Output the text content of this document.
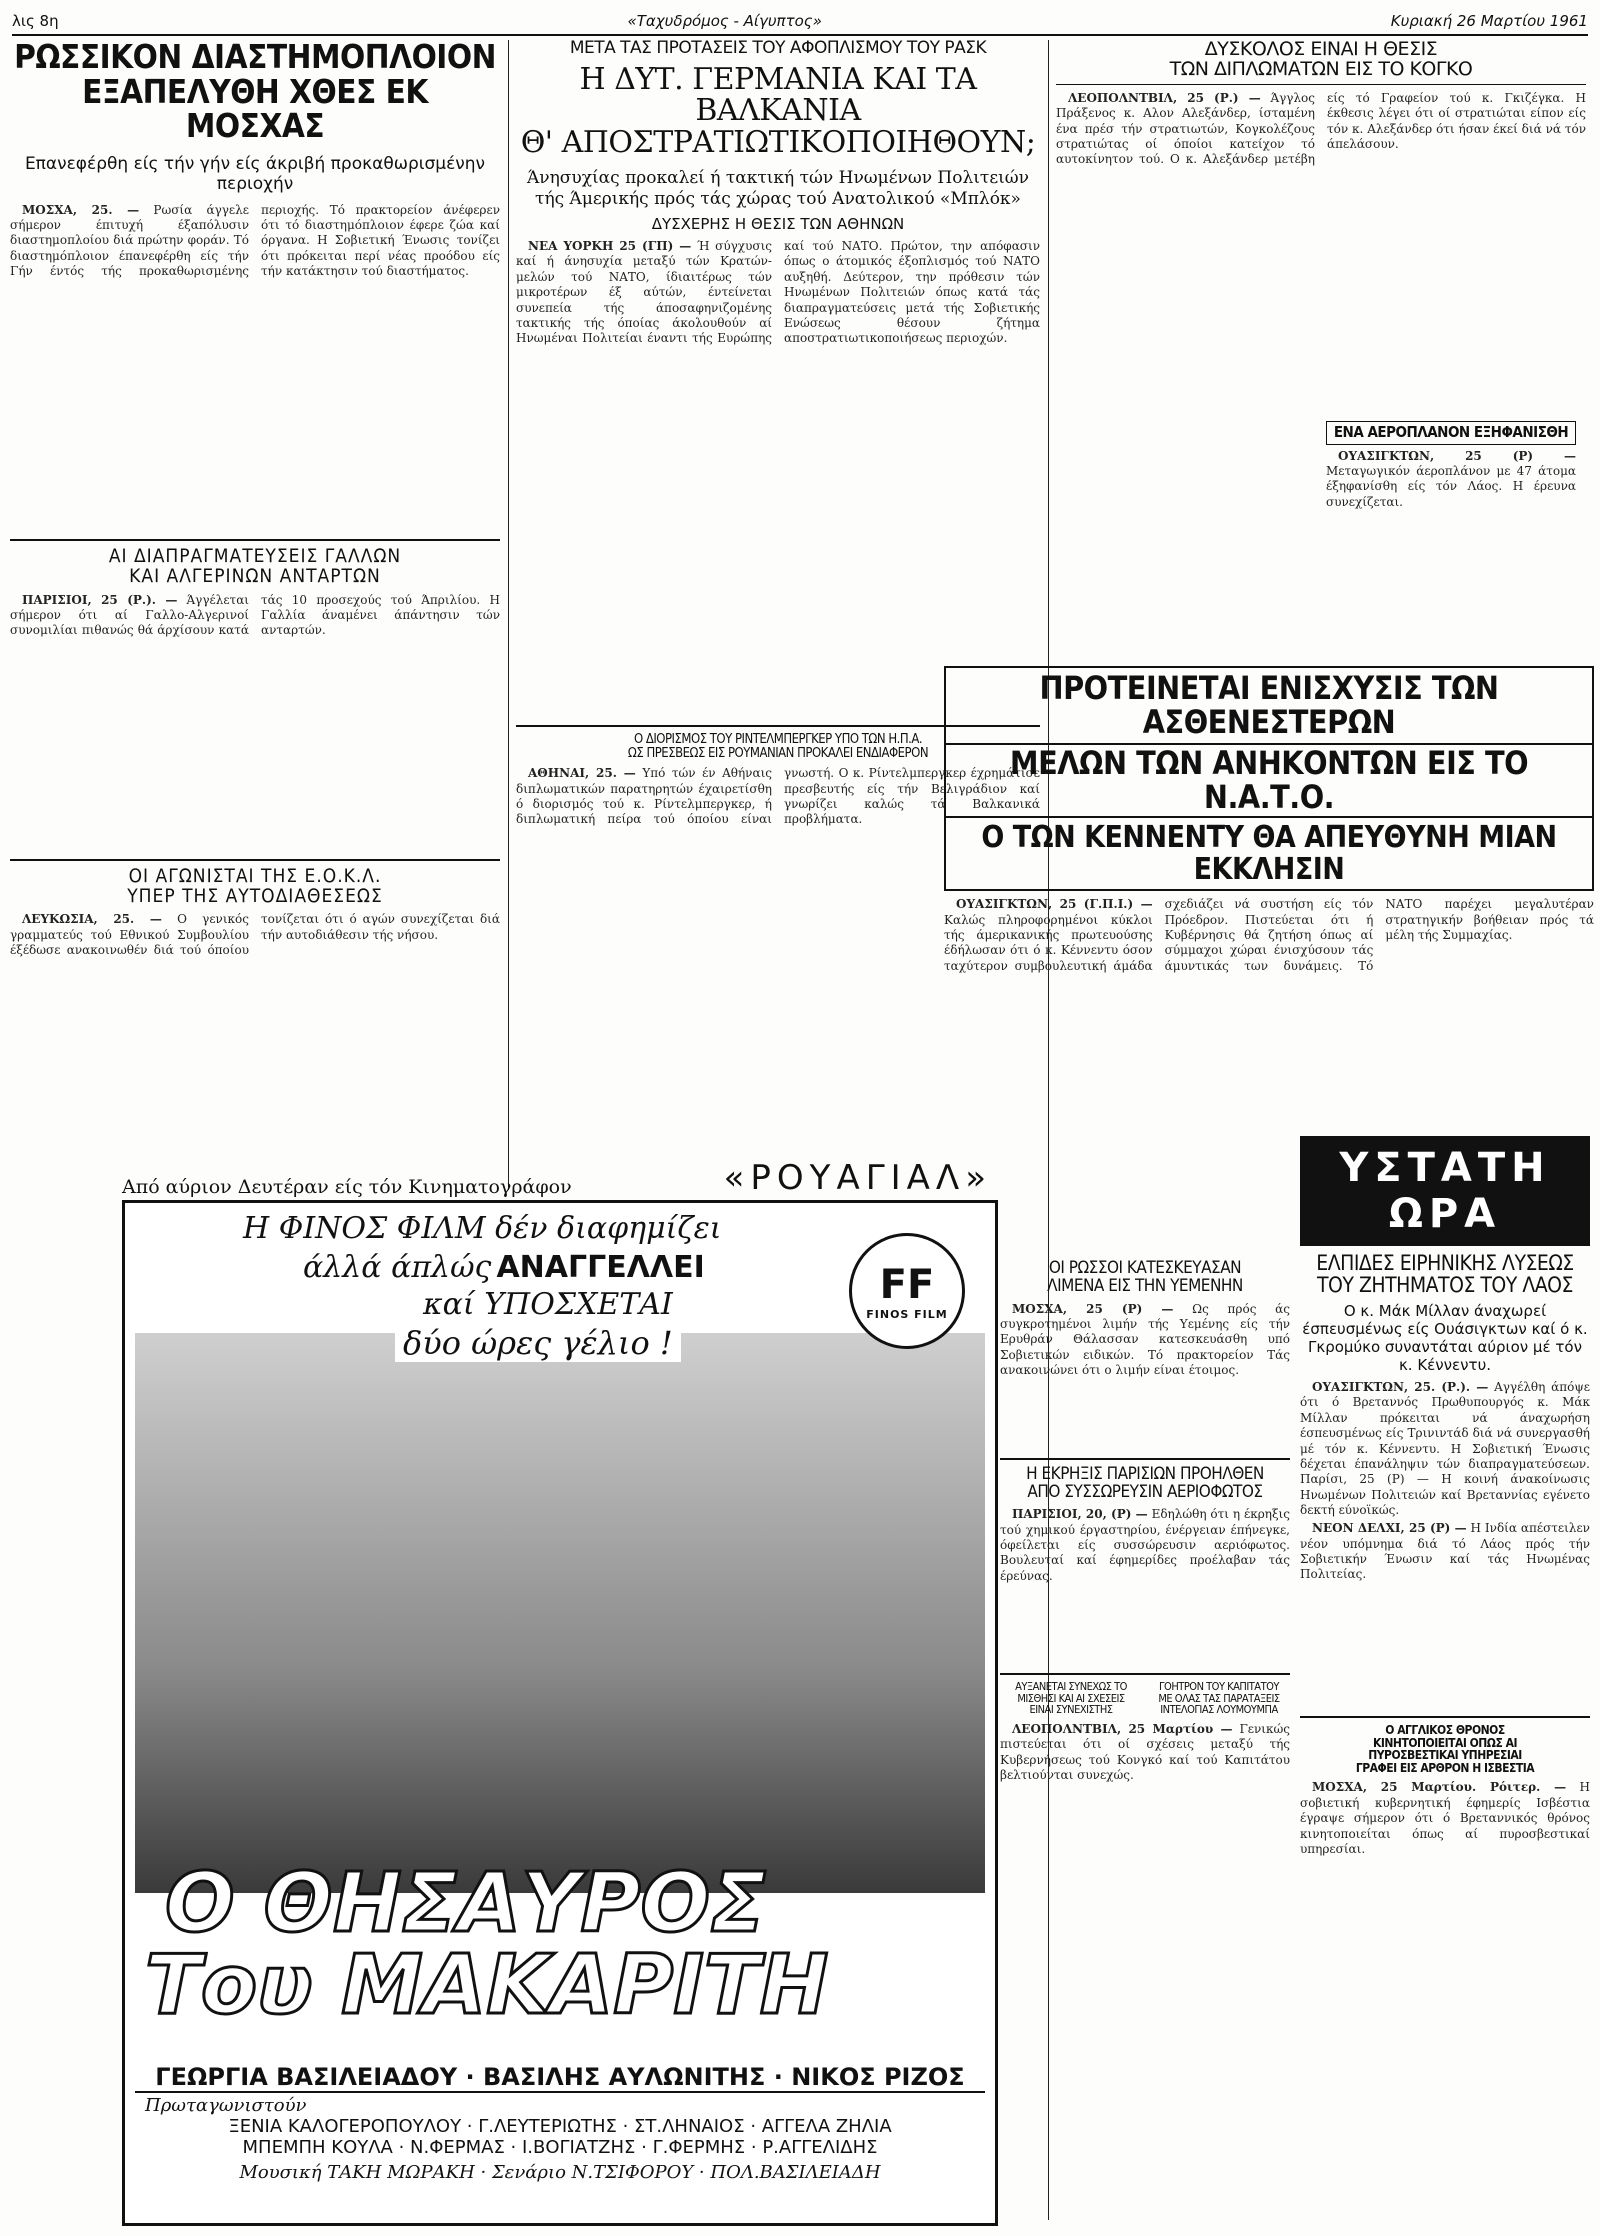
λις 8η	«Ταχυδρόμος - Αίγυπτος»	Κυριακή 26 Μαρτίου 1961
ΡΩΣΣΙΚΟΝ ΔΙΑΣΤΗΜΟΠΛΟΙΟΝ
ΕΞΑΠΕΛΥΘΗ ΧΘΕΣ ΕΚ ΜΟΣΧΑΣ
Επανεφέρθη είς τήν γήν είς άκριβή προκαθωρισμένην περιοχήν

ΜΟΣΧΑ, 25. — Ρωσία άγγελε σήμερον έπιτυχή έξαπόλυσιν διαστημοπλοίου διά πρώτην φοράν. Τό διαστημόπλοιον έπανεφέρθη είς τήν Γήν έντός τής προκαθωρισμένης περιοχής. Τό πρακτορείον άνέφερεν ότι τό διαστημόπλοιον έφερε ζώα καί όργανα. Η Σοβιετική Ένωσις τονίζει ότι πρόκειται περί νέας προόδου είς τήν κατάκτησιν τού διαστήματος.

ΑΙ ΔΙΑΠΡΑΓΜΑΤΕΥΣΕΙΣ ΓΑΛΛΩΝ
ΚΑΙ ΑΛΓΕΡΙΝΩΝ ΑΝΤΑΡΤΩΝ

ΠΑΡΙΣΙΟΙ, 25 (Ρ.). — Άγγέλεται σήμερον ότι αί Γαλλο-Αλγερινοί συνομιλίαι πιθανώς θά άρχίσουν κατά τάς 10 προσεχούς τού Άπριλίου. Η Γαλλία άναμένει άπάντησιν τών ανταρτών.

ΟΙ ΑΓΩΝΙΣΤΑΙ ΤΗΣ Ε.Ο.Κ.Λ.
ΥΠΕΡ ΤΗΣ ΑΥΤΟΔΙΑΘΕΣΕΩΣ

ΛΕΥΚΩΣΙΑ, 25. — Ο γενικός γραμματεύς τού Εθνικού Συμβουλίου έξέδωσε ανακοινωθέν διά τού όποίου τονίζεται ότι ό αγών συνεχίζεται διά τήν αυτοδιάθεσιν τής νήσου.

ΜΕΤΑ ΤΑΣ ΠΡΟΤΑΣΕΙΣ ΤΟΥ ΑΦΟΠΛΙΣΜΟΥ ΤΟΥ ΡΑΣΚ
Η ΔΥΤ. ΓΕΡΜΑΝΙΑ ΚΑΙ ΤΑ ΒΑΛΚΑΝΙΑ
Θ' ΑΠΟΣΤΡΑΤΙΩΤΙΚΟΠΟΙΗΘΟΥΝ;
Άνησυχίας προκαλεί ή τακτική τών Ηνωμένων Πολιτειών τής Άμερικής πρός τάς χώρας τού Ανατολικού «Μπλόκ»
ΔΥΣΧΕΡΗΣ Η ΘΕΣΙΣ ΤΩΝ ΑΘΗΝΩΝ

ΝΕΑ ΥΟΡΚΗ 25 (ΓΠ) — Ή σύγχυσις καί ή άνησυχία μεταξύ τών Κρατών-μελών τού ΝΑΤΟ, ίδιαιτέρως τών μικροτέρων έξ αύτών, έντείνεται συνεπεία τής άποσαφηνιζομένης τακτικής τής όποίας άκολουθούν αί Ηνωμέναι Πολιτείαι έναντι τής Ευρώπης καί τού ΝΑΤΟ. Πρώτον, την απόφασιν όπως ο άτομικός έξοπλισμός τού ΝΑΤΟ αυξηθή. Δεύτερον, την πρόθεσιν τών Ηνωμένων Πολιτειών όπως κατά τάς διαπραγματεύσεις μετά τής Σοβιετικής Ενώσεως θέσουν ζήτημα αποστρατιωτικοποιήσεως περιοχών.

Ο ΔΙΟΡΙΣΜΟΣ ΤΟΥ ΡΙΝΤΕΛΜΠΕΡΓΚΕΡ ΥΠΟ ΤΩΝ Η.Π.Α.
ΩΣ ΠΡΕΣΒΕΩΣ ΕΙΣ ΡΟΥΜΑΝΙΑΝ ΠΡΟΚΑΛΕΙ ΕΝΔΙΑΦΕΡΟΝ

ΑΘΗΝΑΙ, 25. — Υπό τών έν Αθήναις διπλωματικών παρατηρητών έχαιρετίσθη ό διορισμός τού κ. Ρίντελμπεργκερ, ή διπλωματική πείρα τού όποίου είναι γνωστή. Ο κ. Ρίντελμπεργκερ έχρημάτισε πρεσβευτής είς τήν Βελιγράδιον καί γνωρίζει καλώς τά Βαλκανικά προβλήματα.

ΔΥΣΚΟΛΟΣ ΕΙΝΑΙ Η ΘΕΣΙΣ
ΤΩΝ ΔΙΠΛΩΜΑΤΩΝ ΕΙΣ ΤΟ ΚΟΓΚΟ

ΛΕΟΠΟΛΝΤΒΙΛ, 25 (Ρ.) — Άγγλος Πράξενος κ. Αλον Αλεξάνδερ, ίσταμένη ένα πρέσ τήν στρατιωτών, Κογκολέζους στρατιώτας οί όποίοι κατείχον τό αυτοκίνητον τού. Ο κ. Αλεξάνδερ μετέβη είς τό Γραφείον τού κ. Γκιζέγκα. Η έκθεσις λέγει ότι οί στρατιώται είπον είς τόν κ. Αλεξάνδερ ότι ήσαν έκεί διά νά τόν άπελάσουν.

ΕΝΑ ΑΕΡΟΠΛΑΝΟΝ ΕΞΗΦΑΝΙΣΘΗ

ΟΥΑΣΙΓΚΤΩΝ, 25 (Ρ) — Μεταγωγικόν άεροπλάνον με 47 άτομα έξηφανίσθη είς τόν Λάος. Η έρευνα συνεχίζεται.

ΠΡΟΤΕΙΝΕΤΑΙ ΕΝΙΣΧΥΣΙΣ ΤΩΝ ΑΣΘΕΝΕΣΤΕΡΩΝ
ΜΕΛΩΝ ΤΩΝ ΑΝΗΚΟΝΤΩΝ ΕΙΣ ΤΟ Ν.Α.Τ.Ο.
Ο ΤΩΝ ΚΕΝΝΕΝΤΥ ΘΑ ΑΠΕΥΘΥΝΗ ΜΙΑΝ ΕΚΚΛΗΣΙΝ

ΟΥΑΣΙΓΚΤΩΝ, 25 (Γ.Π.Ι.) — Καλώς πληροφορημένοι κύκλοι τής άμερικανικής πρωτευούσης έδήλωσαν ότι ό κ. Κέννεντυ όσον ταχύτερον συμβουλευτική άμάδα σχεδιάζει νά συστήση είς τόν Πρόεδρον. Πιστεύεται ότι ή Κυβέρνησις θά ζητήση όπως αί σύμμαχοι χώραι ένισχύσουν τάς άμυντικάς των δυνάμεις. Τό ΝΑΤΟ παρέχει μεγαλυτέραν στρατηγικήν βοήθειαν πρός τά μέλη τής Συμμαχίας.

ΟΙ ΡΩΣΣΟΙ ΚΑΤΕΣΚΕΥΑΣΑΝ
ΛΙΜΕΝΑ ΕΙΣ ΤΗΝ ΥΕΜΕΝΗΝ

ΜΟΣΧΑ, 25 (Ρ) — Ως πρός άς συγκροτημένοι λιμήν τής Υεμένης είς τήν Ερυθράν Θάλασσαν κατεσκευάσθη υπό Σοβιετικών ειδικών. Τό πρακτορείον Τάς ανακοινώνει ότι ο λιμήν είναι έτοιμος.

Η ΕΚΡΗΞΙΣ ΠΑΡΙΣΙΩΝ ΠΡΟΗΛΘΕΝ
ΑΠΟ ΣΥΣΣΩΡΕΥΣΙΝ ΑΕΡΙΟΦΩΤΟΣ

ΠΑΡΙΣΙΟΙ, 20, (Ρ) — Εδηλώθη ότι η έκρηξις τού χημικού έργαστηρίου, ένέργειαν έπήνεγκε, όφείλεται είς συσσώρευσιν αεριόφωτος. Βουλευταί καί έφημερίδες προέλαβαν τάς έρεύνας.

ΑΥΞΑΝΕΤΑΙ ΣΥΝΕΧΩΣ ΤΟ
ΜΙΣΘΗΣΙ ΚΑΙ ΑΙ ΣΧΕΣΕΙΣ
ΕΙΝΑΙ ΣΥΝΕΧΙΣΤΗΣ
ΓΟΗΤΡΟΝ ΤΟΥ ΚΑΠΙΤΑΤΟΥ
ΜΕ ΟΛΑΣ ΤΑΣ ΠΑΡΑΤΑΞΕΙΣ
ΙΝΤΕΛΟΓΙΑΣ ΛΟΥΜΟΥΜΠΑ

ΛΕΟΠΟΛΝΤΒΙΛ, 25 Μαρτίου — Γενικώς πιστεύεται ότι οί σχέσεις μεταξύ τής Κυβερνήσεως τού Κονγκό καί τού Καπιτάτου βελτιούνται συνεχώς.

ΥΣΤΑΤΗ ΩΡΑ
ΕΛΠΙΔΕΣ ΕΙΡΗΝΙΚΗΣ ΛΥΣΕΩΣ
ΤΟΥ ΖΗΤΗΜΑΤΟΣ ΤΟΥ ΛΑΟΣ
Ο κ. Μάκ Μίλλαν άναχωρεί έσπευσμένως είς Ουάσιγκτων καί ό κ. Γκρομύκο συναντάται αύριον μέ τόν κ. Κέννεντυ.

ΟΥΑΣΙΓΚΤΩΝ, 25. (Ρ.). — Αγγέλθη άπόψε ότι ό Βρεταννός Πρωθυπουργός κ. Μάκ Μίλλαν πρόκειται νά άναχωρήση έσπευσμένως είς Τρινιντάδ διά νά συνεργασθή μέ τόν κ. Κέννεντυ. Η Σοβιετική Ένωσις δέχεται έπανάληψιν τών διαπραγματεύσεων. Παρίσι, 25 (Ρ) — Η κοινή άνακοίνωσις Ηνωμένων Πολιτειών καί Βρεταννίας εγένετο δεκτή εύνοϊκώς.

ΝΕΟΝ ΔΕΛΧΙ, 25 (Ρ) — Η Ινδία απέστειλεν νέον υπόμνημα διά τό Λάος πρός τήν Σοβιετικήν Ένωσιν καί τάς Ηνωμένας Πολιτείας.

Ο ΑΓΓΛΙΚΟΣ ΘΡΟΝΟΣ
ΚΙΝΗΤΟΠΟΙΕΙΤΑΙ ΟΠΩΣ ΑΙ
ΠΥΡΟΣΒΕΣΤΙΚΑΙ ΥΠΗΡΕΣΙΑΙ
ΓΡΑΦΕΙ ΕΙΣ ΑΡΘΡΟΝ Η ΙΣΒΕΣΤΙΑ

ΜΟΣΧΑ, 25 Μαρτίου. Ρόιτερ. — Η σοβιετική κυβερνητική έφημερίς Ισβέστια έγραψε σήμερον ότι ό Βρεταννικός θρόνος κινητοποιείται όπως αί πυροσβεστικαί υπηρεσίαι.

Από αύριον Δευτέραν είς τόν Κινηματογράφον	«ΡΟΥΑΓΙΑΛ»
Η ΦΙΝΟΣ ΦΙΛΜ δέν διαφημίζει άλλά άπλώς ΑΝΑΓΓΕΛΛΕΙ καί ΥΠΟΣΧΕΤΑΙ δύο ώρες γέλιο !
FF
FINOS FILM
Ο ΘΗΣΑΥΡΟΣ
Του ΜΑΚΑΡΙΤΗ
ΓΕΩΡΓΙΑ ΒΑΣΙΛΕΙΑΔΟΥ · ΒΑΣΙΛΗΣ ΑΥΛΩΝΙΤΗΣ · ΝΙΚΟΣ ΡΙΖΟΣ
Πρωταγωνιστούν
ΞΕΝΙΑ ΚΑΛΟΓΕΡΟΠΟΥΛΟΥ · Γ.ΛΕΥΤΕΡΙΩΤΗΣ · ΣΤ.ΛΗΝΑΙΟΣ · ΑΓΓΕΛΑ ΖΗΛΙΑ
ΜΠΕΜΠΗ ΚΟΥΛΑ · Ν.ΦΕΡΜΑΣ · Ι.ΒΟΓΙΑΤΖΗΣ · Γ.ΦΕΡΜΗΣ · Ρ.ΑΓΓΕΛΙΔΗΣ
Μουσική ΤΑΚΗ ΜΩΡΑΚΗ · Σενάριο Ν.ΤΣΙΦΟΡΟΥ · ΠΟΛ.ΒΑΣΙΛΕΙΑΔΗ
